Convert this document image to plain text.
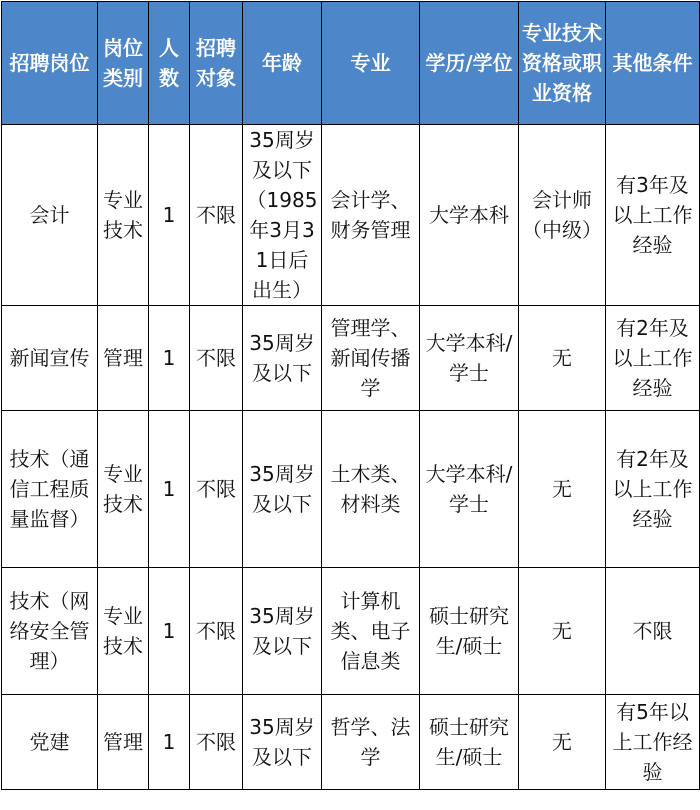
招聘岗位	岗位类别	人数	招聘对象	年龄	专业	学历/学位	专业技术资格或职业资格	其他条件
会计	专业技术	1	不限	35周岁及以下（1985年3月31日后出生）	会计学、财务管理	大学本科	会计师（中级）	有3年及以上工作经验
新闻宣传	管理	1	不限	35周岁及以下	管理学、新闻传播学	大学本科/学士	无	有2年及以上工作经验
技术（通信工程质量监督）	专业技术	1	不限	35周岁及以下	土木类、材料类	大学本科/学士	无	有2年及以上工作经验
技术（网络安全管理）	专业技术	1	不限	35周岁及以下	计算机类、电子信息类	硕士研究生/硕士	无	不限
党建	管理	1	不限	35周岁及以下	哲学、法学	硕士研究生/硕士	无	有5年以上工作经验
